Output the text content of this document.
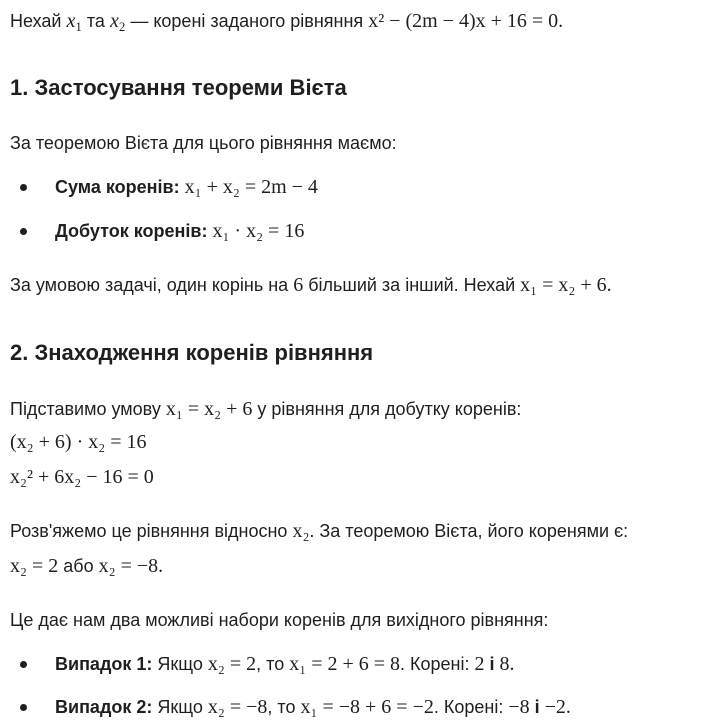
Нехай $x_1$ та $x_2$ — корені заданого рівняння x² − (2m − 4)x + 16 = 0.
1. Застосування теореми Вієта
За теоремою Вієта для цього рівняння маємо:
Сума коренів: x₁ + x₂ = 2m − 4
Добуток коренів: x₁ · x₂ = 16
За умовою задачі, один корінь на 6 більший за інший. Нехай x₁ = x₂ + 6.
2. Знаходження коренів рівняння
Підставимо умову x₁ = x₂ + 6 у рівняння для добутку коренів:
(x₂ + 6) · x₂ = 16
x₂² + 6x₂ − 16 = 0
Розв'яжемо це рівняння відносно x₂. За теоремою Вієта, його коренями є:
x₂ = 2 або x₂ = −8.
Це дає нам два можливі набори коренів для вихідного рівняння:
Випадок 1: Якщо x₂ = 2, то x₁ = 2 + 6 = 8. Корені: 2 і 8.
Випадок 2: Якщо x₂ = −8, то x₁ = −8 + 6 = −2. Корені: −8 і −2.
